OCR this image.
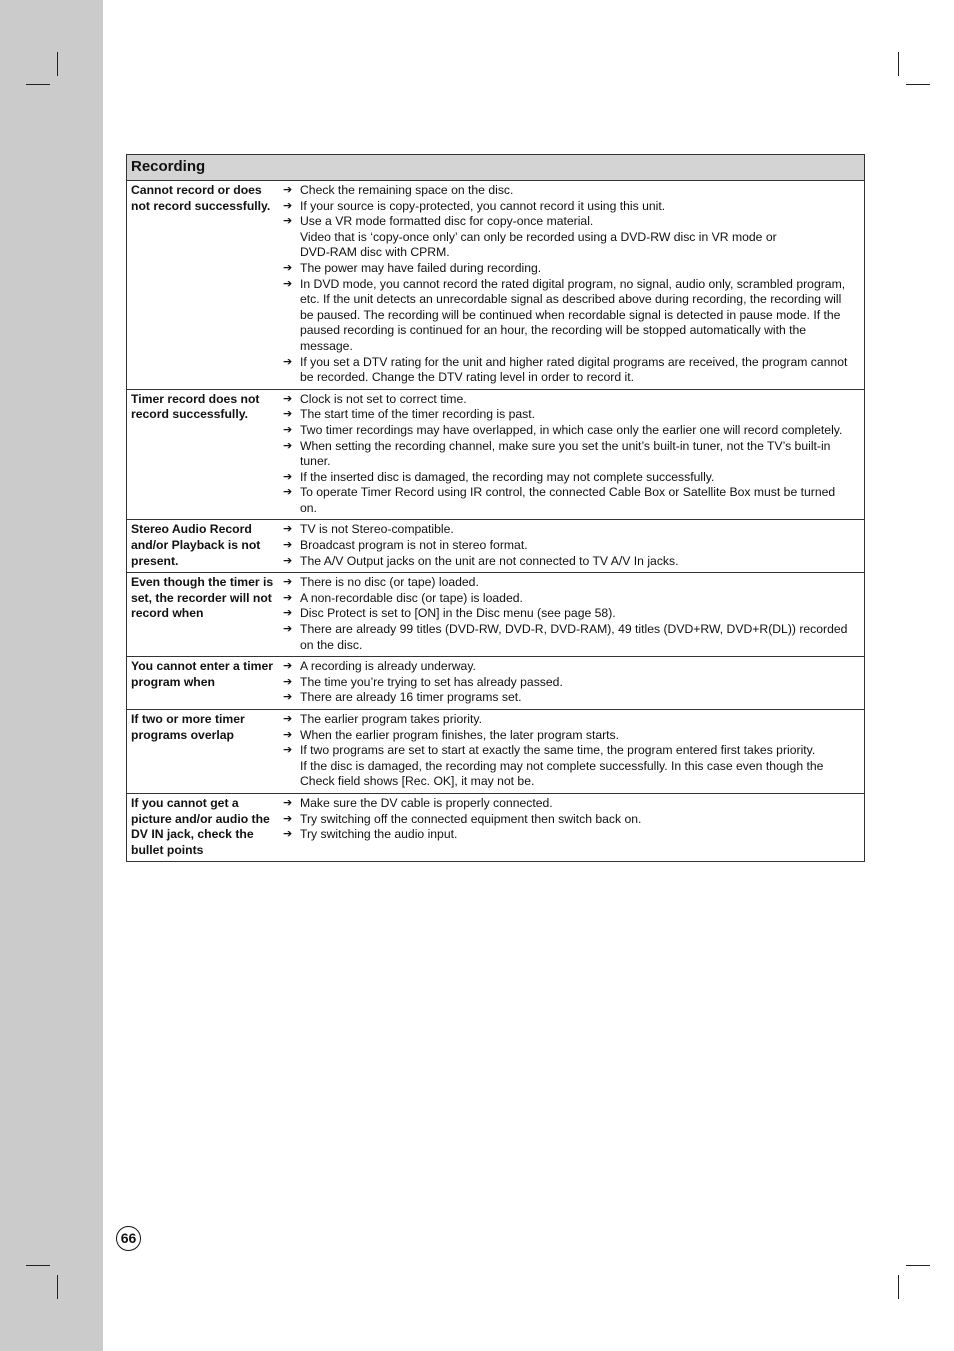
Recording
Cannot record or does not record successfully.
➔ Check the remaining space on the disc.
➔ If your source is copy-protected, you cannot record it using this unit.
➔ Use a VR mode formatted disc for copy-once material.
Video that is ‘copy-once only’ can only be recorded using a DVD-RW disc in VR mode or
DVD-RAM disc with CPRM.
➔ The power may have failed during recording.
➔ In DVD mode, you cannot record the rated digital program, no signal, audio only, scrambled program, etc. If the unit detects an unrecordable signal as described above during recording, the recording will be paused. The recording will be continued when recordable signal is detected in pause mode. If the paused recording is continued for an hour, the recording will be stopped automatically with the message.
➔ If you set a DTV rating for the unit and higher rated digital programs are received, the program cannot be recorded. Change the DTV rating level in order to record it.
Timer record does not record successfully.
➔ Clock is not set to correct time.
➔ The start time of the timer recording is past.
➔ Two timer recordings may have overlapped, in which case only the earlier one will record completely.
➔ When setting the recording channel, make sure you set the unit’s built-in tuner, not the TV’s built-in tuner.
➔ If the inserted disc is damaged, the recording may not complete successfully.
➔ To operate Timer Record using IR control, the connected Cable Box or Satellite Box must be turned on.
Stereo Audio Record and/or Playback is not present.
➔ TV is not Stereo-compatible.
➔ Broadcast program is not in stereo format.
➔ The A/V Output jacks on the unit are not connected to TV A/V In jacks.
Even though the timer is set, the recorder will not record when
➔ There is no disc (or tape) loaded.
➔ A non-recordable disc (or tape) is loaded.
➔ Disc Protect is set to [ON] in the Disc menu (see page 58).
➔ There are already 99 titles (DVD-RW, DVD-R, DVD-RAM), 49 titles (DVD+RW, DVD+R(DL)) recorded on the disc.
You cannot enter a timer program when
➔ A recording is already underway.
➔ The time you’re trying to set has already passed.
➔ There are already 16 timer programs set.
If two or more timer programs overlap
➔ The earlier program takes priority.
➔ When the earlier program finishes, the later program starts.
➔ If two programs are set to start at exactly the same time, the program entered first takes priority.
If the disc is damaged, the recording may not complete successfully. In this case even though the Check field shows [Rec. OK], it may not be.
If you cannot get a picture and/or audio the DV IN jack, check the bullet points
➔ Make sure the DV cable is properly connected.
➔ Try switching off the connected equipment then switch back on.
➔ Try switching the audio input.
66
